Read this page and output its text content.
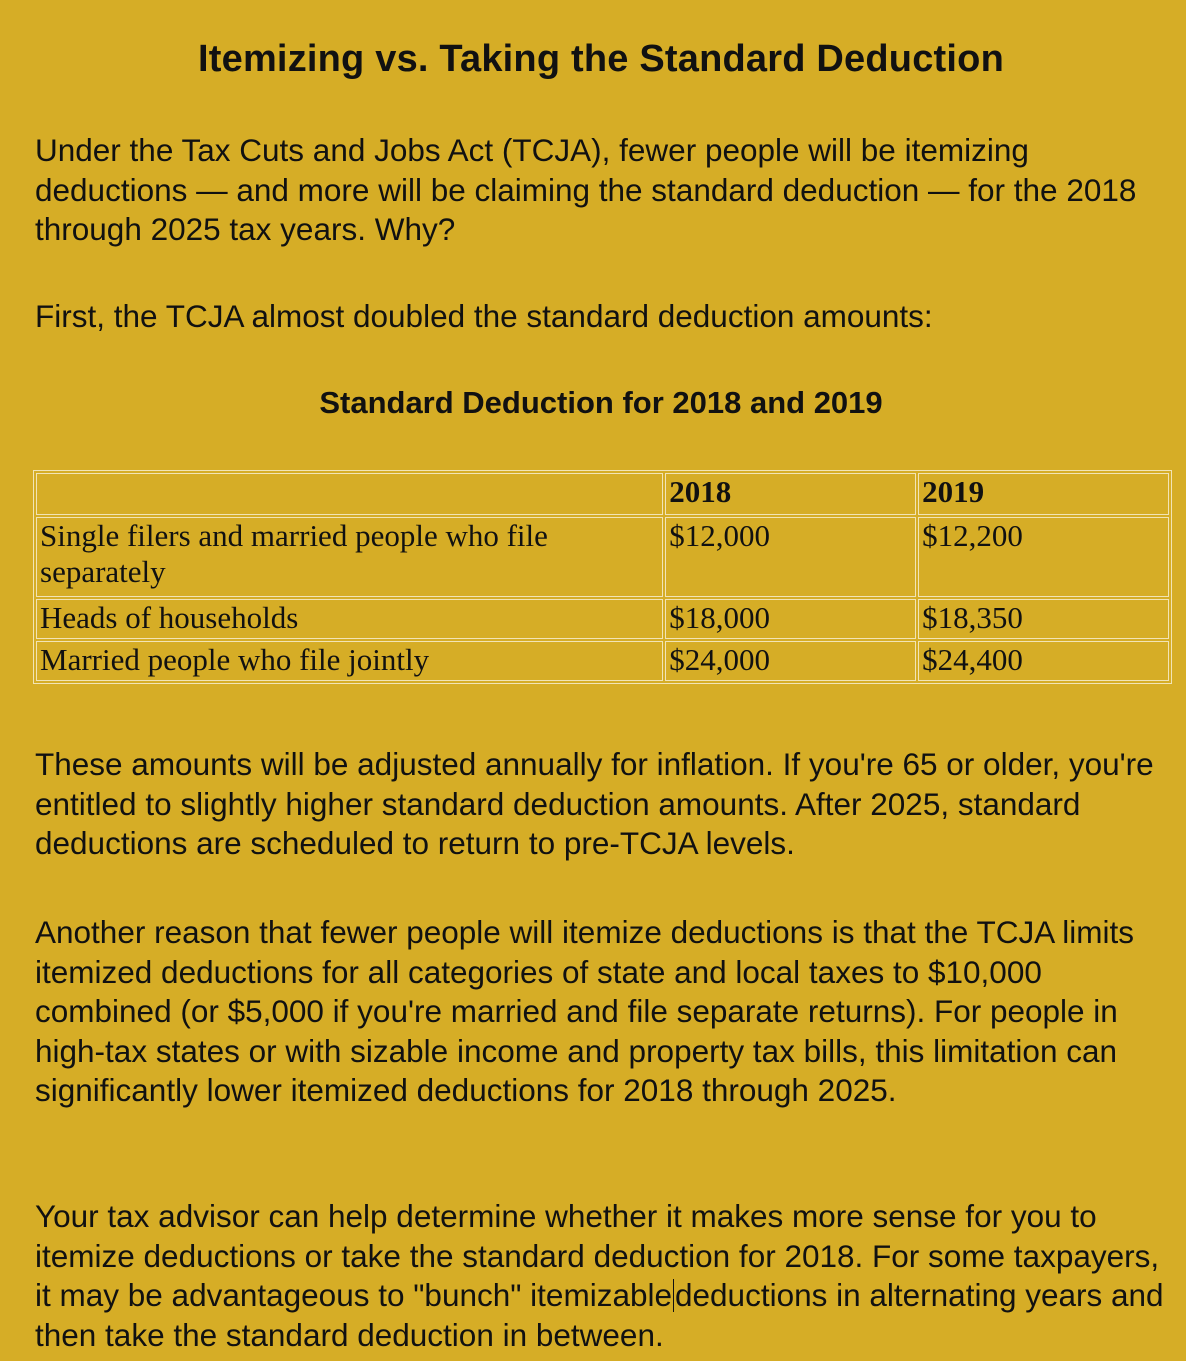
Itemizing vs. Taking the Standard Deduction

Under the Tax Cuts and Jobs Act (TCJA), fewer people will be itemizing deductions — and more will be claiming the standard deduction — for the 2018 through 2025 tax years. Why?

First, the TCJA almost doubled the standard deduction amounts:

Standard Deduction for 2018 and 2019
	2018	2019
Single filers and married people who file separately	$12,000	$12,200
Heads of households	$18,000	$18,350
Married people who file jointly	$24,000	$24,400

These amounts will be adjusted annually for inflation. If you're 65 or older, you're entitled to slightly higher standard deduction amounts. After 2025, standard deductions are scheduled to return to pre-TCJA levels.

Another reason that fewer people will itemize deductions is that the TCJA limits itemized deductions for all categories of state and local taxes to $10,000 combined (or $5,000 if you're married and file separate returns). For people in high-tax states or with sizable income and property tax bills, this limitation can significantly lower itemized deductions for 2018 through 2025.

Your tax advisor can help determine whether it makes more sense for you to itemize deductions or take the standard deduction for 2018. For some taxpayers, it may be advantageous to "bunch" itemizabledeductions in alternating years and then take the standard deduction in between.
